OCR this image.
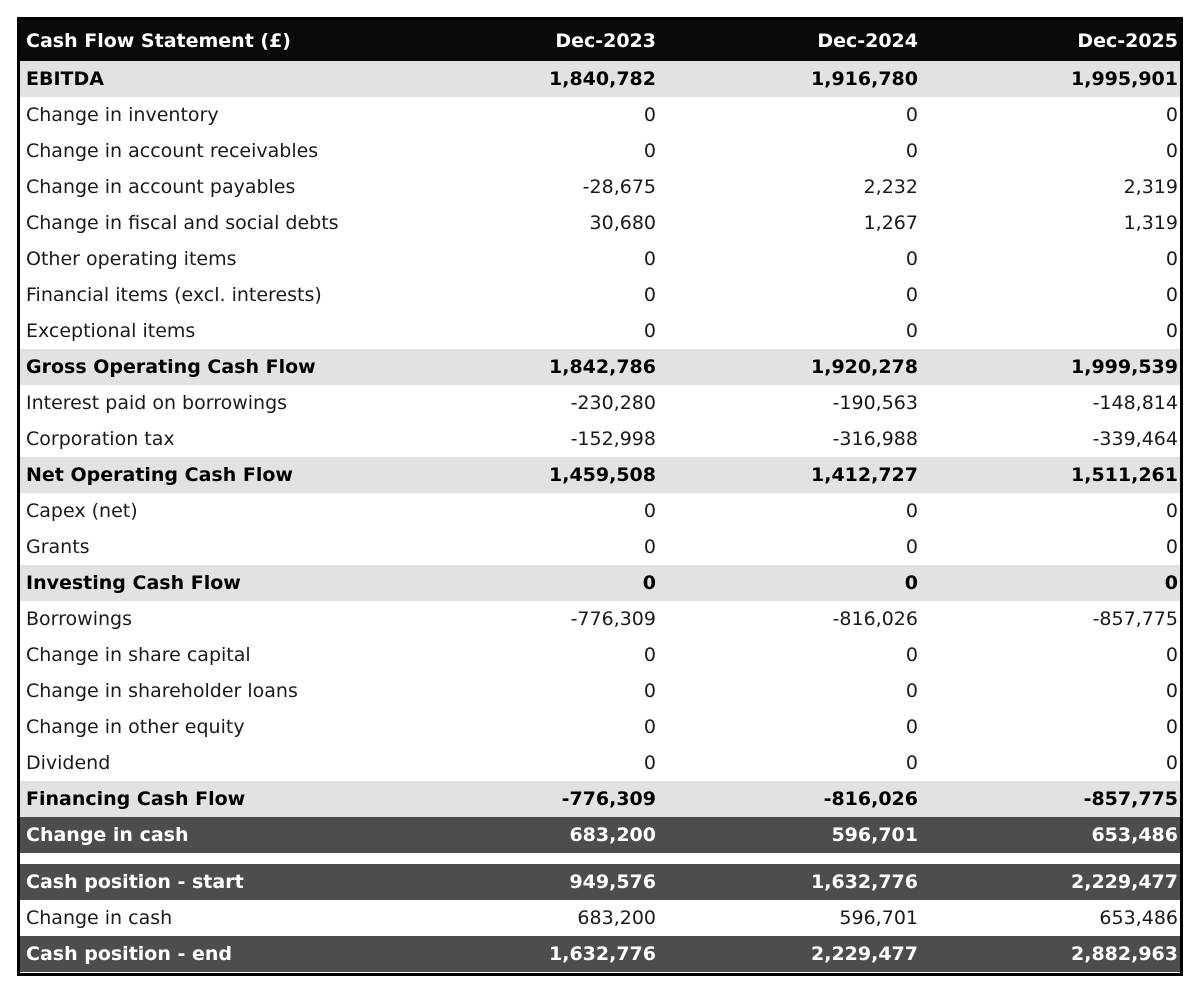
Cash Flow Statement (£)	Dec-2023	Dec-2024	Dec-2025
EBITDA	1,840,782	1,916,780	1,995,901
Change in inventory	0	0	0
Change in account receivables	0	0	0
Change in account payables	-28,675	2,232	2,319
Change in fiscal and social debts	30,680	1,267	1,319
Other operating items	0	0	0
Financial items (excl. interests)	0	0	0
Exceptional items	0	0	0
Gross Operating Cash Flow	1,842,786	1,920,278	1,999,539
Interest paid on borrowings	-230,280	-190,563	-148,814
Corporation tax	-152,998	-316,988	-339,464
Net Operating Cash Flow	1,459,508	1,412,727	1,511,261
Capex (net)	0	0	0
Grants	0	0	0
Investing Cash Flow	0	0	0
Borrowings	-776,309	-816,026	-857,775
Change in share capital	0	0	0
Change in shareholder loans	0	0	0
Change in other equity	0	0	0
Dividend	0	0	0
Financing Cash Flow	-776,309	-816,026	-857,775
Change in cash	683,200	596,701	653,486
Cash position - start	949,576	1,632,776	2,229,477
Change in cash	683,200	596,701	653,486
Cash position - end	1,632,776	2,229,477	2,882,963
